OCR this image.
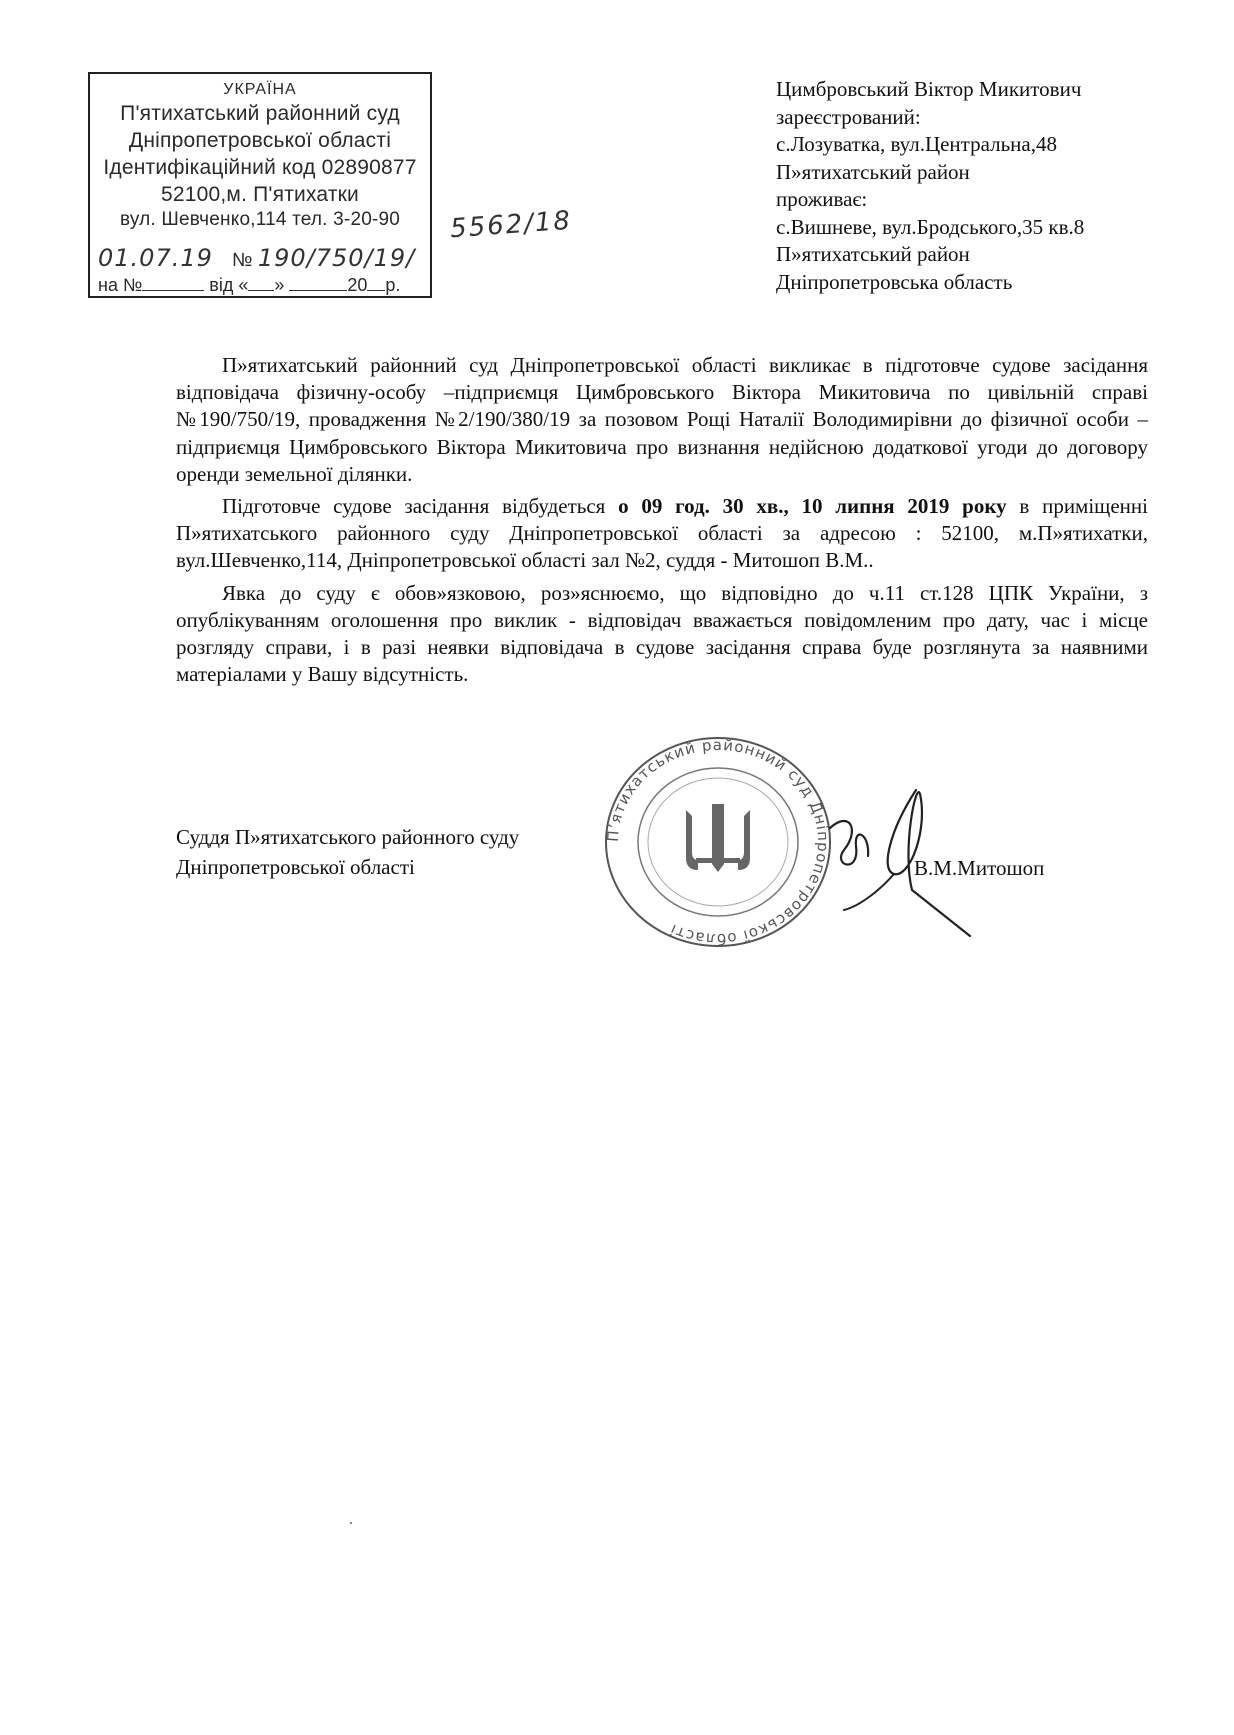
УКРАЇНА
П'ятихатський районний суд
Дніпропетровської області
Ідентифікаційний код 02890877
52100,м. П'ятихатки
вул. Шевченко,114 тел. 3-20-90
01.07.19 № 190/750/19/
на №	від « »	20 р.
5562/18
Цимбровський Віктор Микитович
зареєстрований:
с.Лозуватка, вул.Центральна,48
П»ятихатський район
проживає:
с.Вишневе, вул.Бродського,35 кв.8
П»ятихатський район
Дніпропетровська область

П»ятихатський районний суд Дніпропетровської області викликає в підготовче судове засідання відповідача фізичну-особу –підприємця Цимбровського Віктора Микитовича по цивільній справі №190/750/19, провадження №2/190/380/19 за позовом Рощі Наталії Володимирівни до фізичної особи –підприємця Цимбровського Віктора Микитовича про визнання недійсною додаткової угоди до договору оренди земельної ділянки.

Підготовче судове засідання відбудеться о 09 год. 30 хв., 10 липня 2019 року в приміщенні П»ятихатського районного суду Дніпропетровської області за адресою : 52100, м.П»ятихатки, вул.Шевченко,114, Дніпропетровської області зал №2, суддя - Митошоп В.М..

Явка до суду є обов»язковою, роз»яснюємо, що відповідно до ч.11 ст.128 ЦПК України, з опублікуванням оголошення про виклик - відповідач вважається повідомленим про дату, час і місце розгляду справи, і в разі неявки відповідача в судове засідання справа буде розглянута за наявними матеріалами у Вашу відсутність.

Пʼятихатський районний суд Дніпропетровської області
Суддя П»ятихатського районного суду
Дніпропетровської області	В.М.Митошоп
